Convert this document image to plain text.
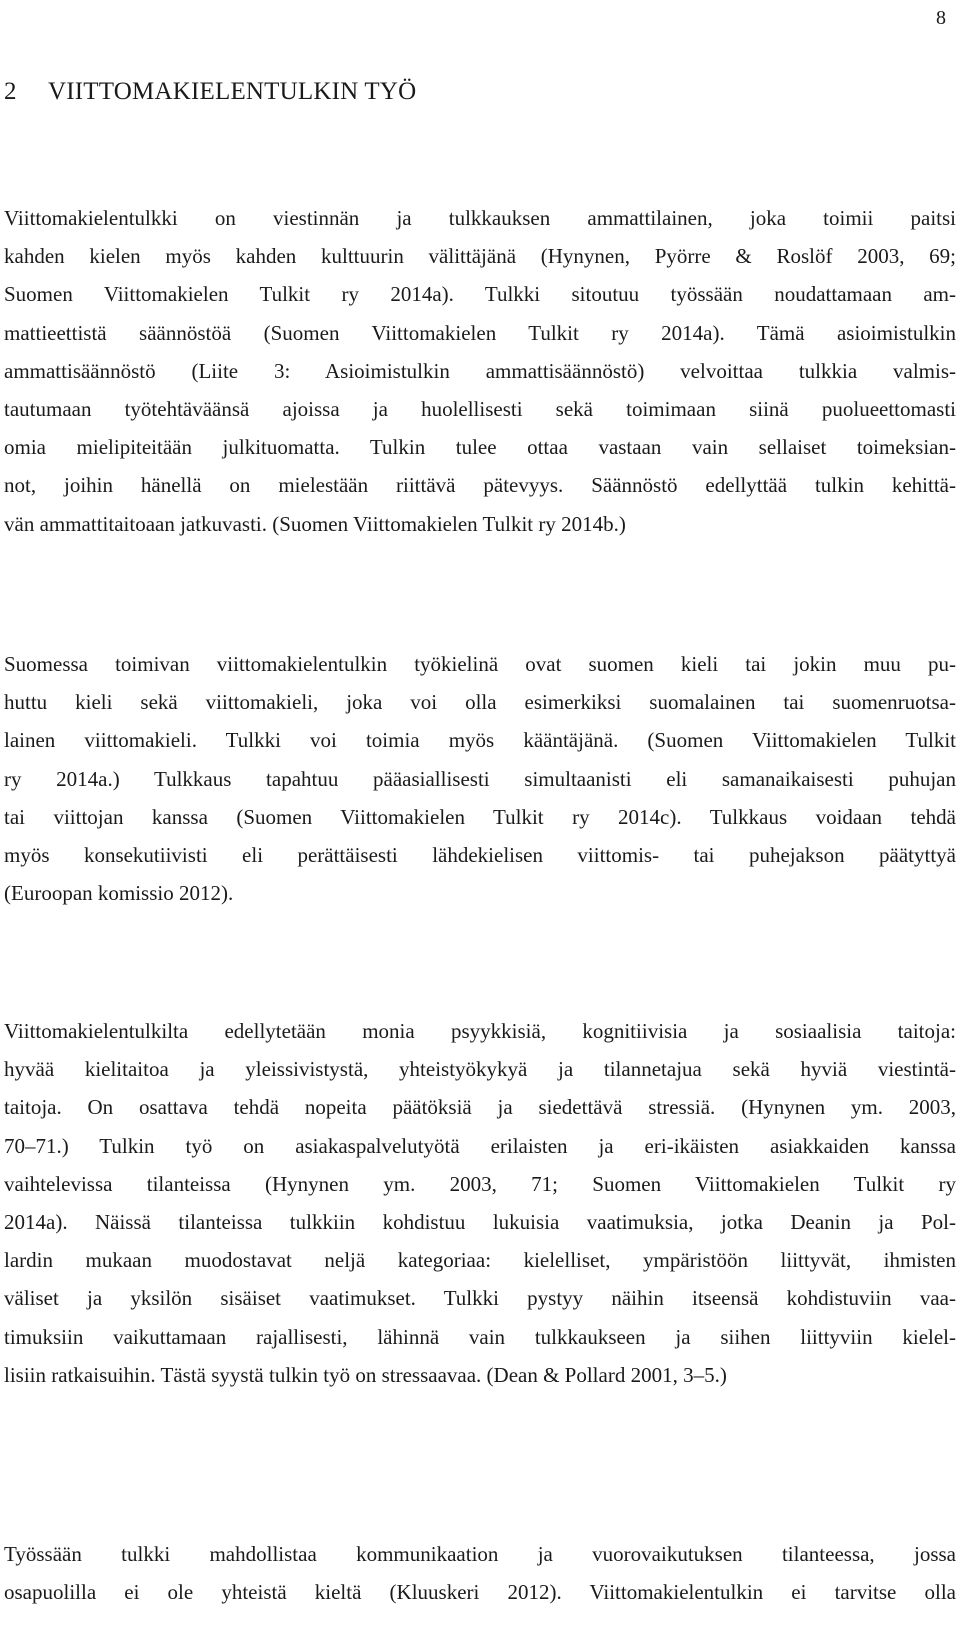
8
2 VIITTOMAKIELENTULKIN TYÖ

Viittomakielentulkki on viestinnän ja tulkkauksen ammattilainen, joka toimii paitsi
kahden kielen myös kahden kulttuurin välittäjänä (Hynynen, Pyörre & Roslöf 2003, 69;
Suomen Viittomakielen Tulkit ry 2014a). Tulkki sitoutuu työssään noudattamaan am-
mattieettistä säännöstöä (Suomen Viittomakielen Tulkit ry 2014a). Tämä asioimistulkin
ammattisäännöstö (Liite 3: Asioimistulkin ammattisäännöstö) velvoittaa tulkkia valmis-
tautumaan työtehtäväänsä ajoissa ja huolellisesti sekä toimimaan siinä puolueettomasti
omia mielipiteitään julkituomatta. Tulkin tulee ottaa vastaan vain sellaiset toimeksian-
not, joihin hänellä on mielestään riittävä pätevyys. Säännöstö edellyttää tulkin kehittä-
vän ammattitaitoaan jatkuvasti. (Suomen Viittomakielen Tulkit ry 2014b.)

Suomessa toimivan viittomakielentulkin työkielinä ovat suomen kieli tai jokin muu pu-
huttu kieli sekä viittomakieli, joka voi olla esimerkiksi suomalainen tai suomenruotsa-
lainen viittomakieli. Tulkki voi toimia myös kääntäjänä. (Suomen Viittomakielen Tulkit
ry 2014a.) Tulkkaus tapahtuu pääasiallisesti simultaanisti eli samanaikaisesti puhujan
tai viittojan kanssa (Suomen Viittomakielen Tulkit ry 2014c). Tulkkaus voidaan tehdä
myös konsekutiivisti eli perättäisesti lähdekielisen viittomis- tai puhejakson päätyttyä
(Euroopan komissio 2012).

Viittomakielentulkilta edellytetään monia psyykkisiä, kognitiivisia ja sosiaalisia taitoja:
hyvää kielitaitoa ja yleissivistystä, yhteistyökykyä ja tilannetajua sekä hyviä viestintä-
taitoja. On osattava tehdä nopeita päätöksiä ja siedettävä stressiä. (Hynynen ym. 2003,
70–71.) Tulkin työ on asiakaspalvelutyötä erilaisten ja eri-ikäisten asiakkaiden kanssa
vaihtelevissa tilanteissa (Hynynen ym. 2003, 71; Suomen Viittomakielen Tulkit ry
2014a). Näissä tilanteissa tulkkiin kohdistuu lukuisia vaatimuksia, jotka Deanin ja Pol-
lardin mukaan muodostavat neljä kategoriaa: kielelliset, ympäristöön liittyvät, ihmisten
väliset ja yksilön sisäiset vaatimukset. Tulkki pystyy näihin itseensä kohdistuviin vaa-
timuksiin vaikuttamaan rajallisesti, lähinnä vain tulkkaukseen ja siihen liittyviin kielel-
lisiin ratkaisuihin. Tästä syystä tulkin työ on stressaavaa. (Dean & Pollard 2001, 3–5.)

Työssään tulkki mahdollistaa kommunikaation ja vuorovaikutuksen tilanteessa, jossa
osapuolilla ei ole yhteistä kieltä (Kluuskeri 2012). Viittomakielentulkin ei tarvitse olla
